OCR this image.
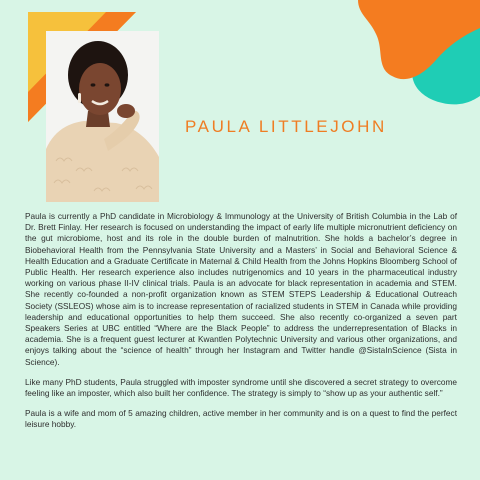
PAULA LITTLEJOHN

Paula is currently a PhD candidate in Microbiology & Immunology at the University of British Columbia in the Lab of Dr. Brett Finlay. Her research is focused on understanding the impact of early life multiple micronutrient deficiency on the gut microbiome, host and its role in the double burden of malnutrition. She holds a bachelor’s degree in Biobehavioral Health from the Pennsylvania State University and a Masters’ in Social and Behavioral Science & Health Education and a Graduate Certificate in Maternal & Child Health from the Johns Hopkins Bloomberg School of Public Health. Her research experience also includes nutrigenomics and 10 years in the pharmaceutical industry working on various phase II-IV clinical trials. Paula is an advocate for black representation in academia and STEM. She recently co-founded a non-profit organization known as STEM STEPS Leadership & Educational Outreach Society (SSLEOS) whose aim is to increase representation of racialized students in STEM in Canada while providing leadership and educational opportunities to help them succeed. She also recently co-organized a seven part Speakers Series at UBC entitled “Where are the Black People” to address the underrepresentation of Blacks in academia. She is a frequent guest lecturer at Kwantlen Polytechnic University and various other organizations, and enjoys talking about the “science of health” through her Instagram and Twitter handle @SistaInScience (Sista in Science).

Like many PhD students, Paula struggled with imposter syndrome until she discovered a secret strategy to overcome feeling like an imposter, which also built her confidence. The strategy is simply to “show up as your authentic self.”

Paula is a wife and mom of 5 amazing children, active member in her community and is on a quest to find the perfect leisure hobby.
